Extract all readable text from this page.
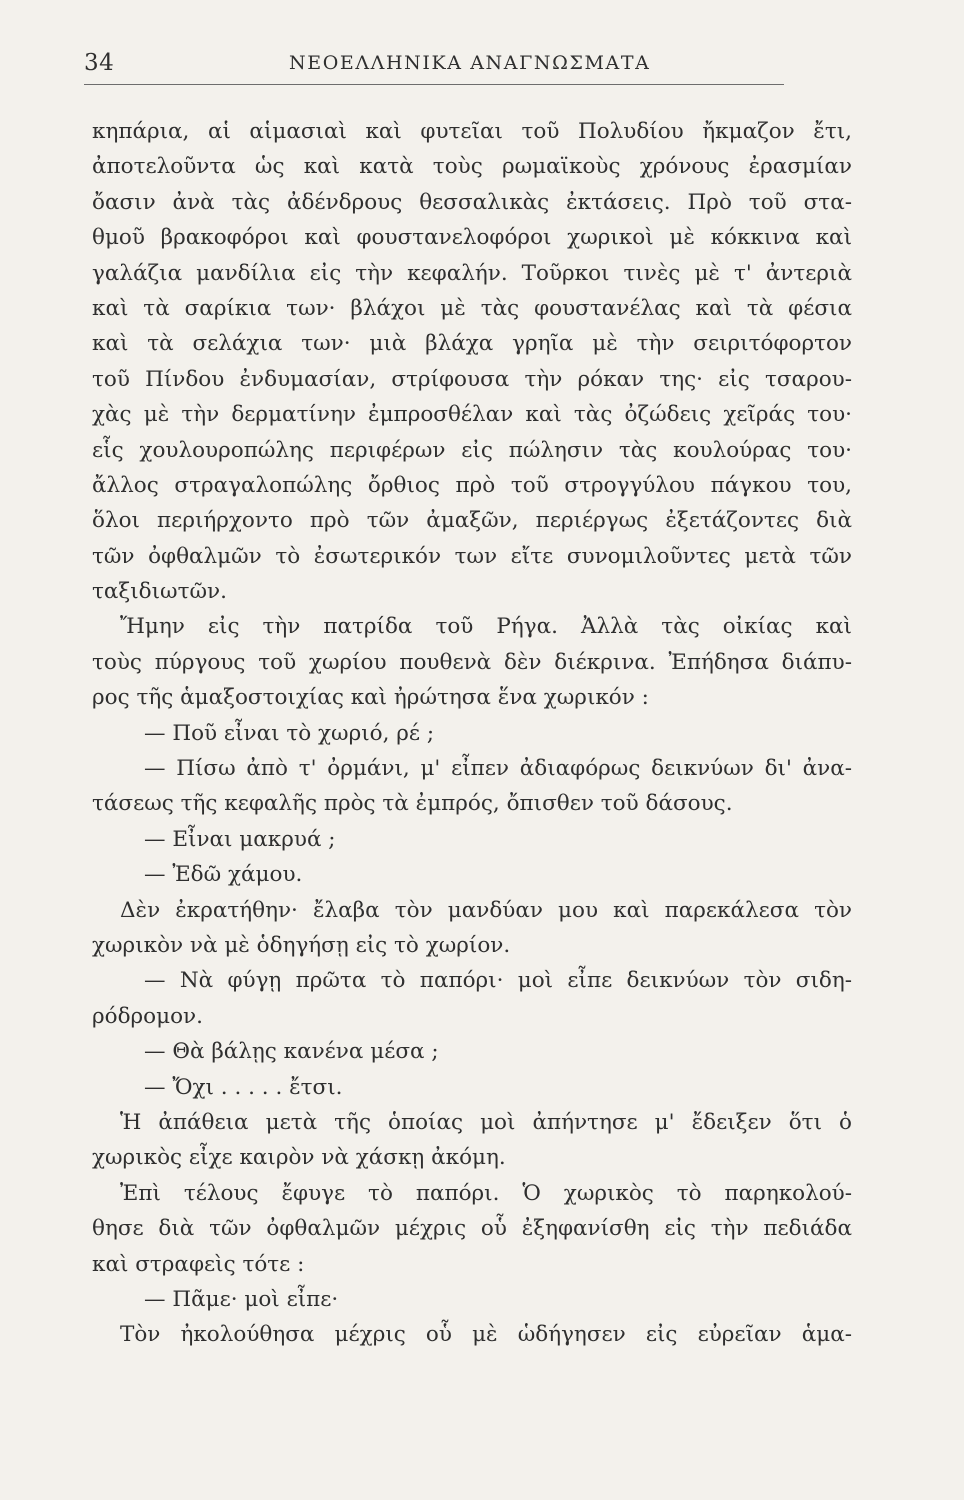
34	ΝΕΟΕΛΛΗΝΙΚΑ ΑΝΑΓΝΩΣΜΑΤΑ
κηπάρια, αἱ αἱμασιαὶ καὶ φυτεῖαι τοῦ Πολυδίου ἤκμαζον ἔτι,
ἀποτελοῦντα ὡς καὶ κατὰ τοὺς ρωμαϊκοὺς χρόνους ἐρασμίαν
ὄασιν ἀνὰ τὰς ἀδένδρους θεσσαλικὰς ἐκτάσεις. Πρὸ τοῦ στα-
θμοῦ βρακοφόροι καὶ φουστανελοφόροι χωρικοὶ μὲ κόκκινα καὶ
γαλάζια μανδίλια εἰς τὴν κεφαλήν. Τοῦρκοι τινὲς μὲ τ' ἀντεριὰ
καὶ τὰ σαρίκια των· βλάχοι μὲ τὰς φουστανέλας καὶ τὰ φέσια
καὶ τὰ σελάχια των· μιὰ βλάχα γρηῖα μὲ τὴν σειριτόφορτον
τοῦ Πίνδου ἐνδυμασίαν, στρίφουσα τὴν ρόκαν της· εἰς τσαρου-
χὰς μὲ τὴν δερματίνην ἐμπροσθέλαν καὶ τὰς ὀζώδεις χεῖράς του·
εἷς χουλουροπώλης περιφέρων εἰς πώλησιν τὰς κουλούρας του·
ἄλλος στραγαλοπώλης ὄρθιος πρὸ τοῦ στρογγύλου πάγκου του,
ὅλοι περιήρχοντο πρὸ τῶν ἀμαξῶν, περιέργως ἐξετάζοντες διὰ
τῶν ὀφθαλμῶν τὸ ἐσωτερικόν των εἴτε συνομιλοῦντες μετὰ τῶν
ταξιδιωτῶν.
Ἤμην εἰς τὴν πατρίδα τοῦ Ρήγα. Ἀλλὰ τὰς οἰκίας καὶ
τοὺς πύργους τοῦ χωρίου πουθενὰ δὲν διέκρινα. Ἐπήδησα διάπυ-
ρος τῆς ἁμαξοστοιχίας καὶ ἠρώτησα ἕνα χωρικόν :
— Ποῦ εἶναι τὸ χωριό, ρέ ;
— Πίσω ἀπὸ τ' ὀρμάνι, μ' εἶπεν ἀδιαφόρως δεικνύων δι' ἀνα-
τάσεως τῆς κεφαλῆς πρὸς τὰ ἐμπρός, ὄπισθεν τοῦ δάσους.
— Εἶναι μακρυά ;
— Ἐδῶ χάμου.
Δὲν ἐκρατήθην· ἔλαβα τὸν μανδύαν μου καὶ παρεκάλεσα τὸν
χωρικὸν νὰ μὲ ὁδηγήσῃ εἰς τὸ χωρίον.
— Νὰ φύγῃ πρῶτα τὸ παπόρι· μοὶ εἶπε δεικνύων τὸν σιδη-
ρόδρομον.
— Θὰ βάλῃς κανένα μέσα ;
— Ὄχι . . . . . ἔτσι.
Ἡ ἀπάθεια μετὰ τῆς ὁποίας μοὶ ἀπήντησε μ' ἔδειξεν ὅτι ὁ
χωρικὸς εἶχε καιρὸν νὰ χάσκῃ ἀκόμη.
Ἐπὶ τέλους ἔφυγε τὸ παπόρι. Ὁ χωρικὸς τὸ παρηκολού-
θησε διὰ τῶν ὀφθαλμῶν μέχρις οὗ ἐξηφανίσθη εἰς τὴν πεδιάδα
καὶ στραφεὶς τότε :
— Πᾶμε· μοὶ εἶπε·
Τὸν ἠκολούθησα μέχρις οὗ μὲ ὡδήγησεν εἰς εὐρεῖαν ἁμα-
